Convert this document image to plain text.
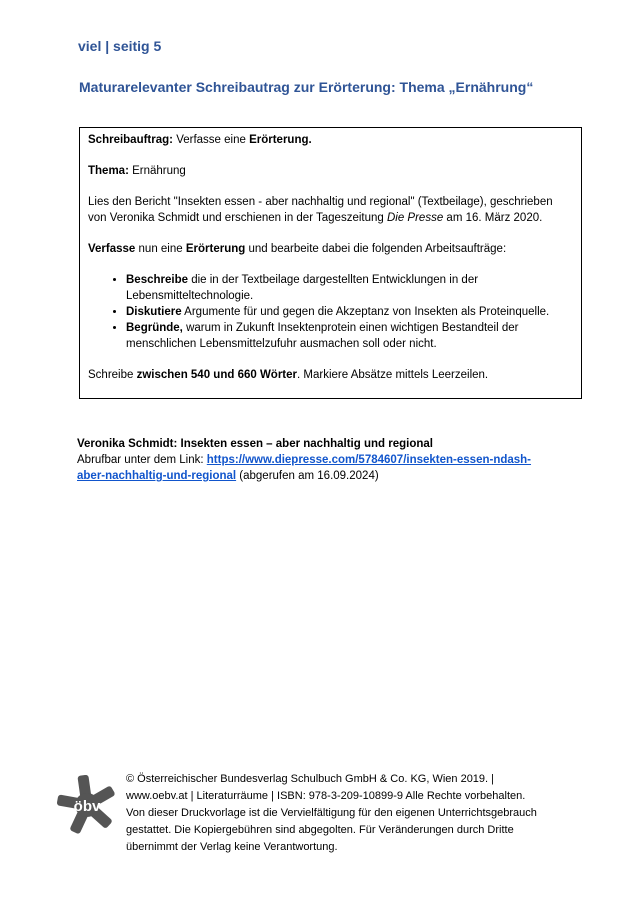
viel | seitig 5
Maturarelevanter Schreibautrag zur Erörterung: Thema „Ernährung“

Schreibauftrag: Verfasse eine Erörterung.

Thema: Ernährung

Lies den Bericht "Insekten essen - aber nachhaltig und regional" (Textbeilage), geschrieben von Veronika Schmidt und erschienen in der Tageszeitung Die Presse am 16. März 2020.

Verfasse nun eine Erörterung und bearbeite dabei die folgenden Arbeitsaufträge:

• Beschreibe die in der Textbeilage dargestellten Entwicklungen in der Lebensmitteltechnologie.
• Diskutiere Argumente für und gegen die Akzeptanz von Insekten als Proteinquelle.
• Begründe, warum in Zukunft Insektenprotein einen wichtigen Bestandteil der menschlichen Lebensmittelzufuhr ausmachen soll oder nicht.

Schreibe zwischen 540 und 660 Wörter. Markiere Absätze mittels Leerzeilen.

Veronika Schmidt: Insekten essen – aber nachhaltig und regional
Abrufbar unter dem Link: https://www.diepresse.com/5784607/insekten-essen-ndash-aber-nachhaltig-und-regional (abgerufen am 16.09.2024)
öbv
© Österreichischer Bundesverlag Schulbuch GmbH & Co. KG, Wien 2019. | www.oebv.at | Literaturräume | ISBN: 978-3-209-10899-9 Alle Rechte vorbehalten. Von dieser Druckvorlage ist die Vervielfältigung für den eigenen Unterrichtsgebrauch gestattet. Die Kopiergebühren sind abgegolten. Für Veränderungen durch Dritte übernimmt der Verlag keine Verantwortung.
